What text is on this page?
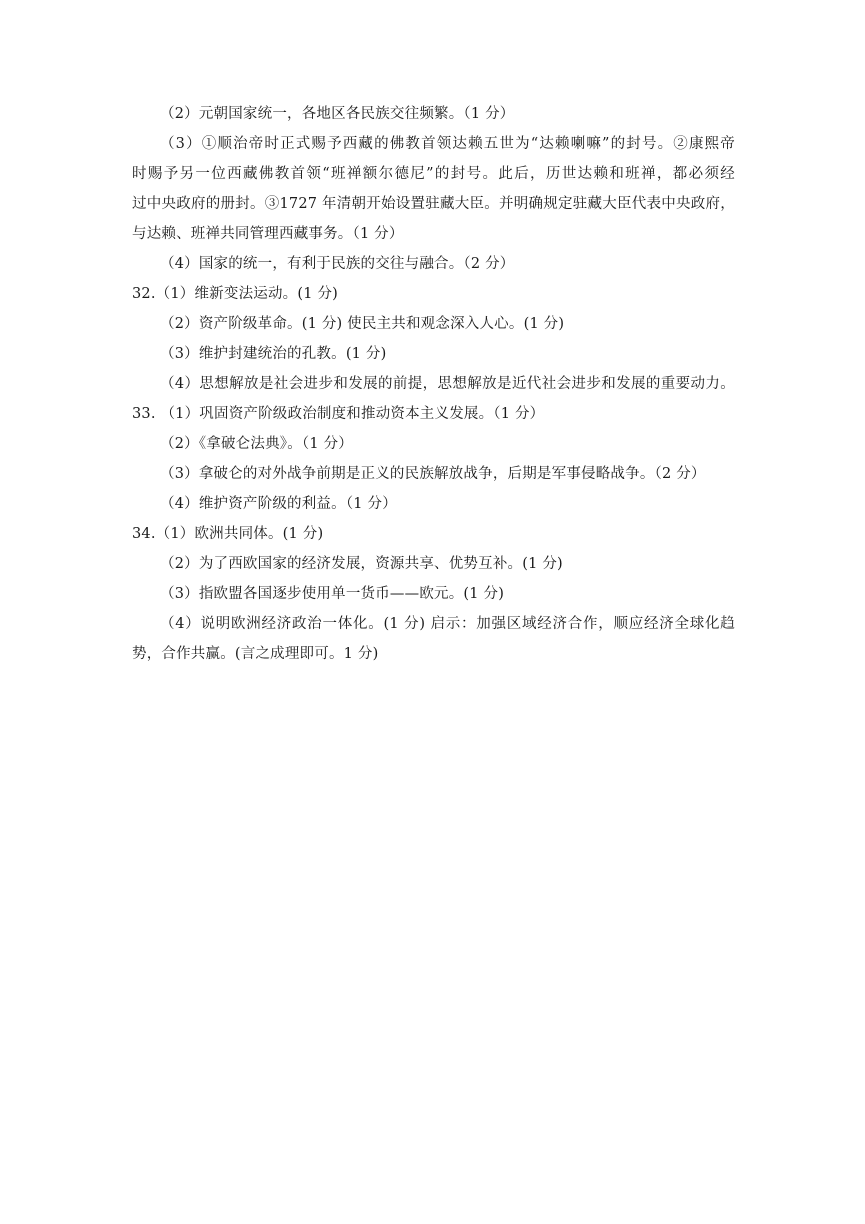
（2）元朝国家统一，各地区各民族交往频繁。（1 分）
（3）①顺治帝时正式赐予西藏的佛教首领达赖五世为“达赖喇嘛”的封号。②康熙帝
时赐予另一位西藏佛教首领“班禅额尔德尼”的封号。此后，历世达赖和班禅，都必须经
过中央政府的册封。③1727 年清朝开始设置驻藏大臣。并明确规定驻藏大臣代表中央政府，
与达赖、班禅共同管理西藏事务。（1 分）
（4）国家的统一，有利于民族的交往与融合。（2 分）
32.（1）维新变法运动。(1 分)
（2）资产阶级革命。(1 分) 使民主共和观念深入人心。(1 分)
（3）维护封建统治的孔教。(1 分)
（4）思想解放是社会进步和发展的前提，思想解放是近代社会进步和发展的重要动力。
33. （1）巩固资产阶级政治制度和推动资本主义发展。（1 分）
（2）《拿破仑法典》。（1 分）
（3）拿破仑的对外战争前期是正义的民族解放战争，后期是军事侵略战争。（2 分）
（4）维护资产阶级的利益。（1 分）
34.（1）欧洲共同体。(1 分)
（2）为了西欧国家的经济发展，资源共享、优势互补。(1 分)
（3）指欧盟各国逐步使用单一货币——欧元。(1 分)
（4）说明欧洲经济政治一体化。(1 分) 启示：加强区域经济合作，顺应经济全球化趋
势，合作共赢。(言之成理即可。1 分)
